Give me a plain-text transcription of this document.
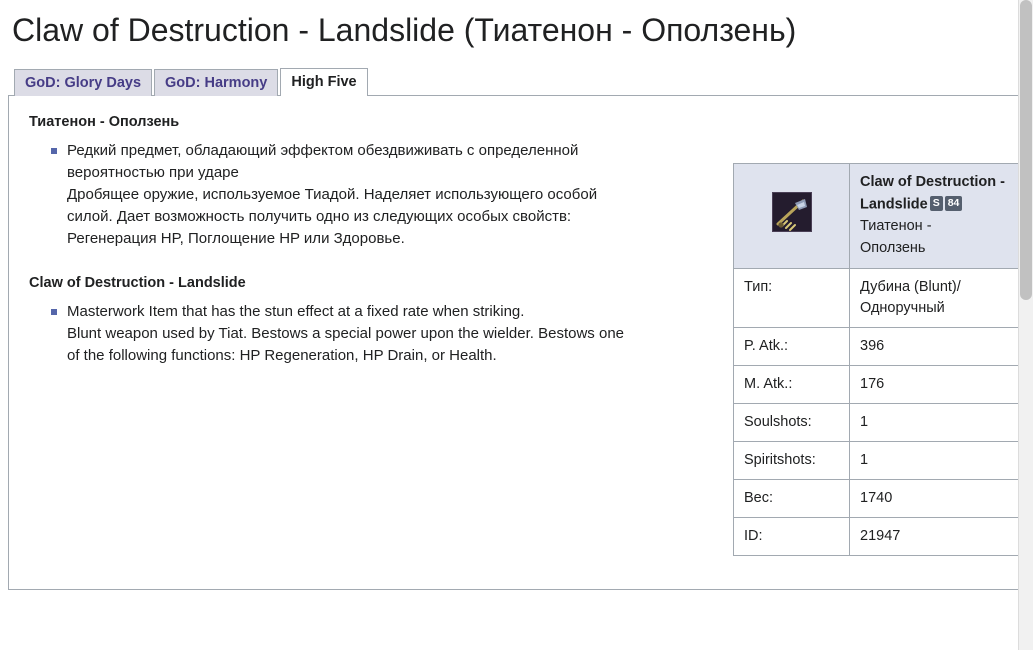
Claw of Destruction - Landslide (Тиатенон - Оползень)
GoD: Glory Days	GoD: Harmony	High Five
Тиатенон - Оползень
Редкий предмет, обладающий эффектом обездвиживать с определенной
вероятностью при ударе
Дробящее оружие, используемое Тиадой. Наделяет использующего особой
силой. Дает возможность получить одно из следующих особых свойств:
Регенерация HP, Поглощение HP или Здоровье.
Claw of Destruction - Landslide
Masterwork Item that has the stun effect at a fixed rate when striking.
Blunt weapon used by Tiat. Bestows a special power upon the wielder. Bestows one
of the following functions: HP Regeneration, HP Drain, or Health.
	Claw of Destruction - Landslide S 84
Тиатенон -
Оползень

Тип:	Дубина (Blunt)/
Одноручный

P. Atk.:	396
M. Atk.:	176
Soulshots:	1
Spiritshots:	1
Вес:	1740
ID:	21947
